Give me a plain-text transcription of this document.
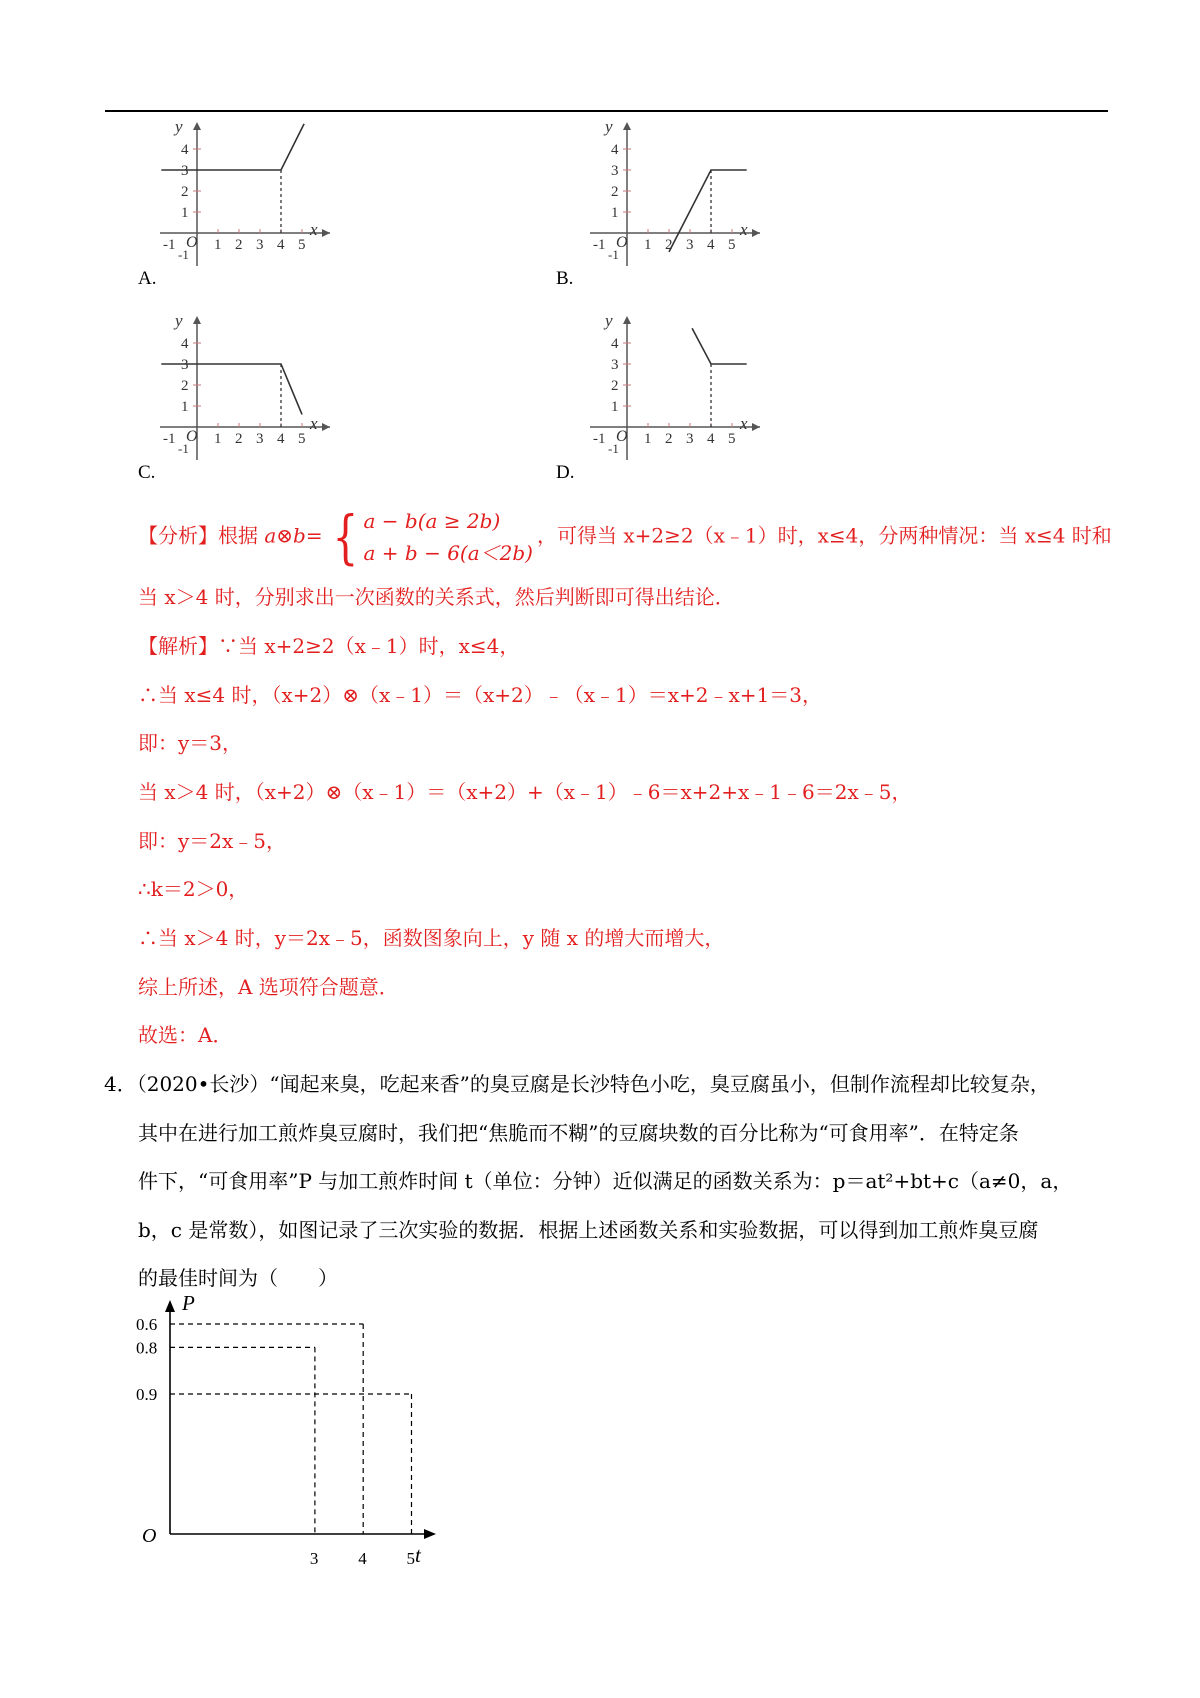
1 2 3 4 5
4
3
2
1
-1 O
-1
x
y
A.
1 2 3 4 5
4
3
2
1
-1 O
-1
x
y
B.
1 2 3 4 5
4
3
2
1
-1 O
-1
x
y
C.
1 2 3 4 5
4
3
2
1
-1 O
-1
x
y
D.
【分析】根据 a⊗b= { a − b(a ≥ 2b)
a + b − 6(a＜2b)，可得当 x+2≥2（x﹣1）时，x≤4，分两种情况：当 x≤4 时和
当 x＞4 时，分别求出一次函数的关系式，然后判断即可得出结论．
【解析】∵当 x+2≥2（x﹣1）时，x≤4，
∴当 x≤4 时，（x+2）⊗（x﹣1）＝（x+2）﹣（x﹣1）＝x+2﹣x+1＝3，
即：y＝3，
当 x＞4 时，（x+2）⊗（x﹣1）＝（x+2）+（x﹣1）﹣6＝x+2+x﹣1﹣6＝2x﹣5，
即：y＝2x﹣5，
∴k＝2＞0，
∴当 x＞4 时，y＝2x﹣5，函数图象向上，y 随 x 的增大而增大，
综上所述，A 选项符合题意．
故选：A．
4．（2020•长沙）“闻起来臭，吃起来香”的臭豆腐是长沙特色小吃，臭豆腐虽小，但制作流程却比较复杂，
其中在进行加工煎炸臭豆腐时，我们把“焦脆而不糊”的豆腐块数的百分比称为“可食用率”．在特定条
件下，“可食用率”P 与加工煎炸时间 t（单位：分钟）近似满足的函数关系为：p＝at²+bt+c（a≠0，a，
b，c 是常数），如图记录了三次实验的数据．根据上述函数关系和实验数据，可以得到加工煎炸臭豆腐
的最佳时间为（　　）
P
t
O
0.8
3
0.6
4
0.9
5
